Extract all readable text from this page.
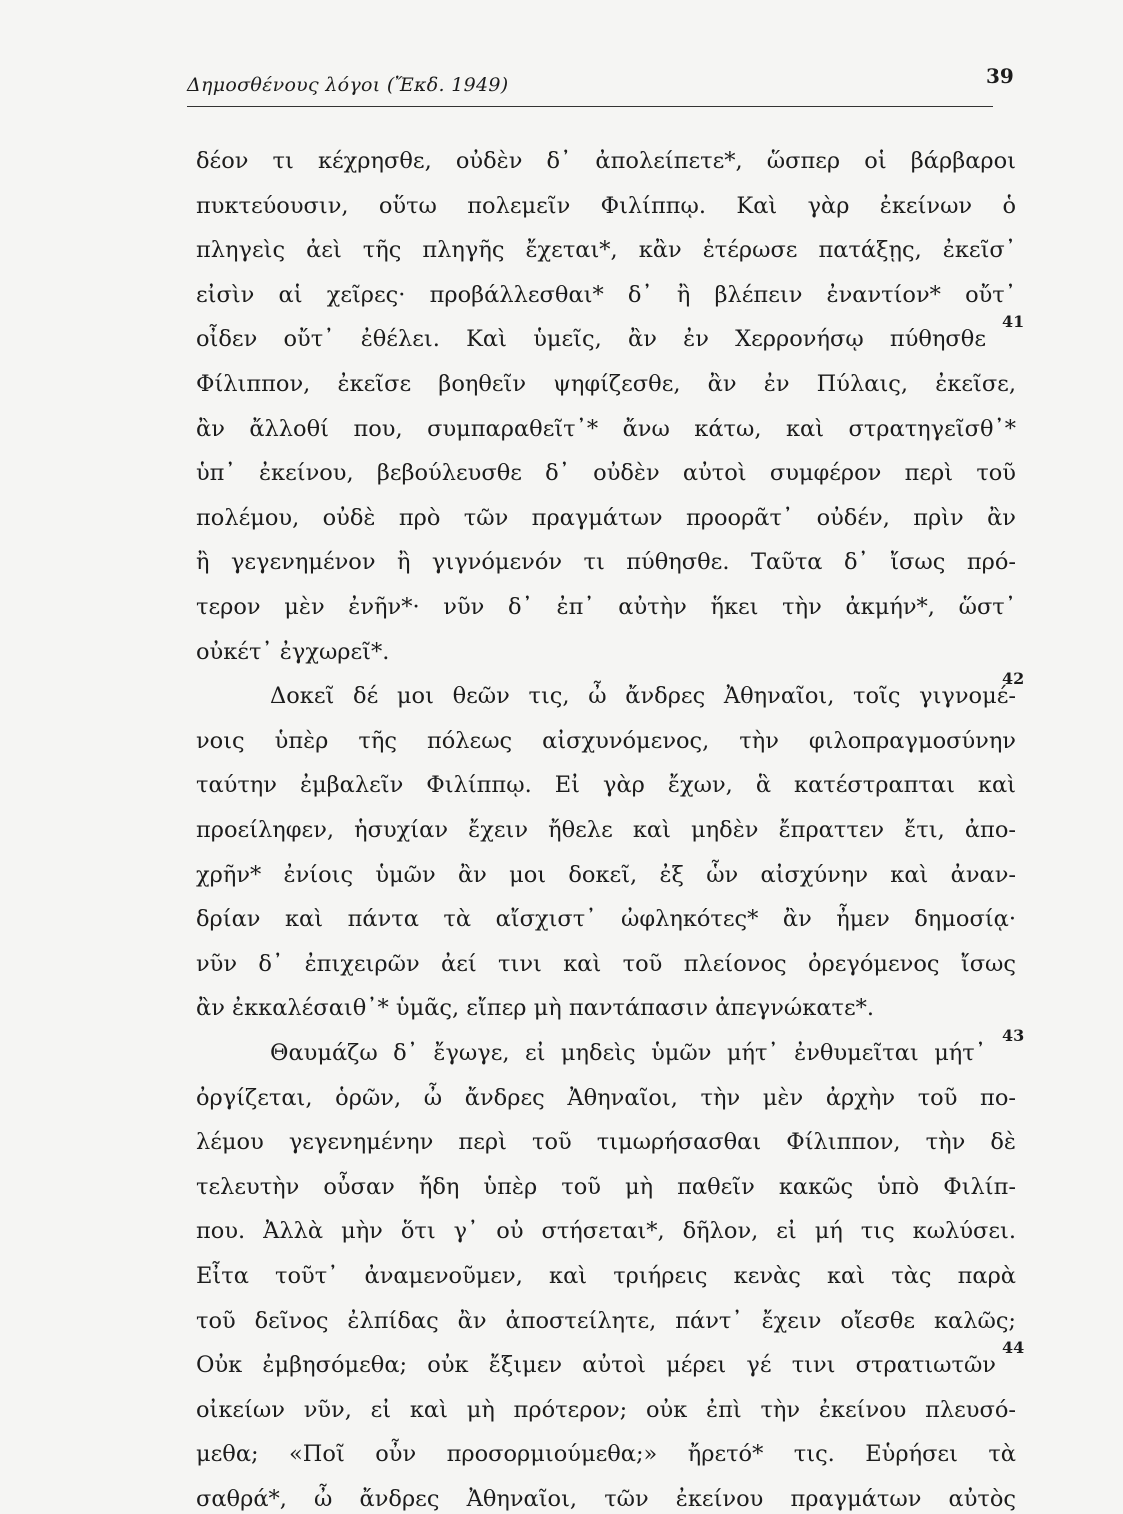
Δημοσθένους λόγοι (Ἔκδ. 1949)	39
δέον τι κέχρησθε, οὐδὲν δ᾽ ἀπολείπετε*, ὥσπερ οἱ βάρβαροι
πυκτεύουσιν, οὕτω πολεμεῖν Φιλίππῳ. Καὶ γὰρ ἐκείνων ὁ
πληγεὶς ἀεὶ τῆς πληγῆς ἔχεται*, κἂν ἑτέρωσε πατάξῃς, ἐκεῖσ᾽
εἰσὶν αἱ χεῖρες· προβάλλεσθαι* δ᾽ ἢ βλέπειν ἐναντίον* οὔτ᾽
οἶδεν οὔτ᾽ ἐθέλει. Καὶ ὑμεῖς, ἂν ἐν Χερρονήσῳ πύθησθε
Φίλιππον, ἐκεῖσε βοηθεῖν ψηφίζεσθε, ἂν ἐν Πύλαις, ἐκεῖσε,
ἂν ἄλλοθί που, συμπαραθεῖτ᾽* ἄνω κάτω, καὶ στρατηγεῖσθ᾽*
ὑπ᾽ ἐκείνου, βεβούλευσθε δ᾽ οὐδὲν αὐτοὶ συμφέρον περὶ τοῦ
πολέμου, οὐδὲ πρὸ τῶν πραγμάτων προορᾶτ᾽ οὐδέν, πρὶν ἂν
ἢ γεγενημένον ἢ γιγνόμενόν τι πύθησθε. Ταῦτα δ᾽ ἴσως πρό-
τερον μὲν ἐνῆν*· νῦν δ᾽ ἐπ᾽ αὐτὴν ἥκει τὴν ἀκμήν*, ὥστ᾽
οὐκέτ᾽ ἐγχωρεῖ*.
Δοκεῖ δέ μοι θεῶν τις, ὦ ἄνδρες Ἀθηναῖοι, τοῖς γιγνομέ-
νοις ὑπὲρ τῆς πόλεως αἰσχυνόμενος, τὴν φιλοπραγμοσύνην
ταύτην ἐμβαλεῖν Φιλίππῳ. Εἰ γὰρ ἔχων, ἃ κατέστραπται καὶ
προείληφεν, ἡσυχίαν ἔχειν ἤθελε καὶ μηδὲν ἔπραττεν ἔτι, ἀπο-
χρῆν* ἐνίοις ὑμῶν ἂν μοι δοκεῖ, ἐξ ὧν αἰσχύνην καὶ ἀναν-
δρίαν καὶ πάντα τὰ αἴσχιστ᾽ ὠφληκότες* ἂν ἦμεν δημοσίᾳ·
νῦν δ᾽ ἐπιχειρῶν ἀεί τινι καὶ τοῦ πλείονος ὀρεγόμενος ἴσως
ἂν ἐκκαλέσαιθ᾽* ὑμᾶς, εἴπερ μὴ παντάπασιν ἀπεγνώκατε*.
Θαυμάζω δ᾽ ἔγωγε, εἰ μηδεὶς ὑμῶν μήτ᾽ ἐνθυμεῖται μήτ᾽
ὀργίζεται, ὁρῶν, ὦ ἄνδρες Ἀθηναῖοι, τὴν μὲν ἀρχὴν τοῦ πο-
λέμου γεγενημένην περὶ τοῦ τιμωρήσασθαι Φίλιππον, τὴν δὲ
τελευτὴν οὖσαν ἤδη ὑπὲρ τοῦ μὴ παθεῖν κακῶς ὑπὸ Φιλίπ-
που. Ἀλλὰ μὴν ὅτι γ᾽ οὐ στήσεται*, δῆλον, εἰ μή τις κωλύσει.
Εἶτα τοῦτ᾽ ἀναμενοῦμεν, καὶ τριήρεις κενὰς καὶ τὰς παρὰ
τοῦ δεῖνος ἐλπίδας ἂν ἀποστείλητε, πάντ᾽ ἔχειν οἴεσθε καλῶς;
Οὐκ ἐμβησόμεθα; οὐκ ἔξιμεν αὐτοὶ μέρει γέ τινι στρατιωτῶν
οἰκείων νῦν, εἰ καὶ μὴ πρότερον; οὐκ ἐπὶ τὴν ἐκείνου πλευσό-
μεθα; «Ποῖ οὖν προσορμιούμεθα;» ἤρετό* τις. Εὑρήσει τὰ
σαθρά*, ὦ ἄνδρες Ἀθηναῖοι, τῶν ἐκείνου πραγμάτων αὐτὸς
41
42
43
44
